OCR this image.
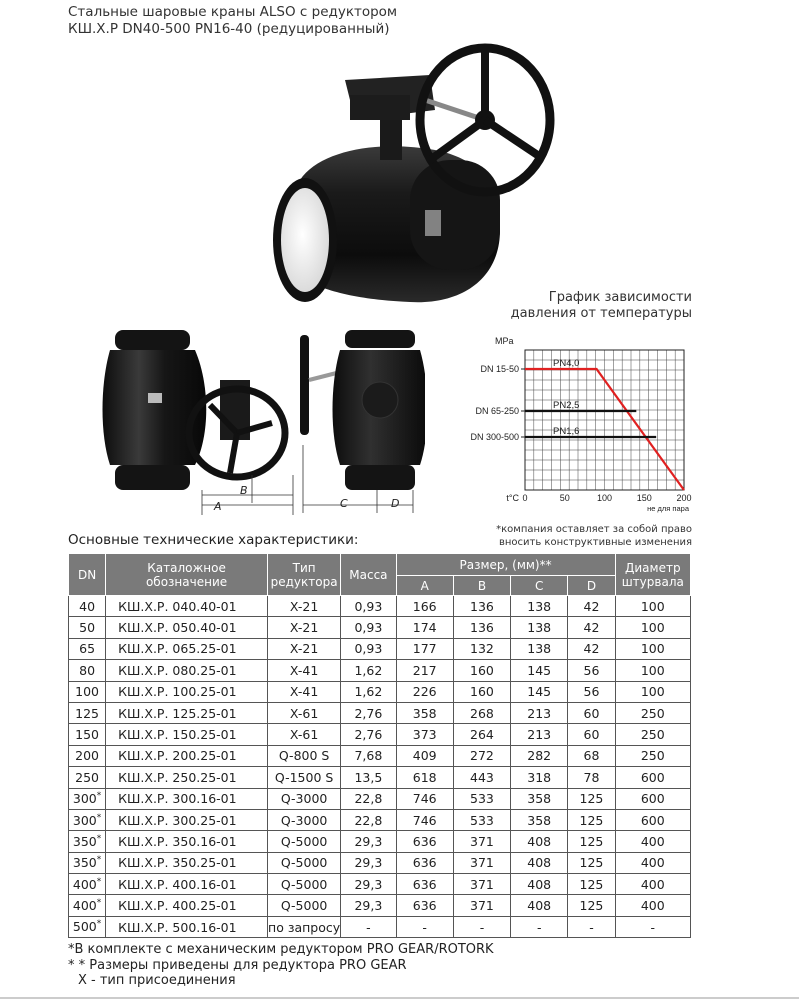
Стальные шаровые краны ALSO с редуктором
КШ.Х.Р DN40-500 PN16-40 (редуцированный)
B
A	C	D
График зависимости
давления от температуры
MPa
DN 15-50	PN4,0
DN 65-250	PN2,5
DN 300-500	PN1,6
t°C 0	50	100	150	200
не для пара
*компания оставляет за собой право
вносить конструктивные изменения
Основные технические характеристики:
DN	Каталожное обозначение	Тип редуктора	Масса	Размер, (мм)**				Диаметр штурвала
				A	B	C	D	
40	КШ.Х.Р. 040.40-01	X-21	0,93	166	136	138	42	100
50	КШ.Х.Р. 050.40-01	X-21	0,93	174	136	138	42	100
65	КШ.Х.Р. 065.25-01	X-21	0,93	177	132	138	42	100
80	КШ.Х.Р. 080.25-01	X-41	1,62	217	160	145	56	100
100	КШ.Х.Р. 100.25-01	X-41	1,62	226	160	145	56	100
125	КШ.Х.Р. 125.25-01	X-61	2,76	358	268	213	60	250
150	КШ.Х.Р. 150.25-01	X-61	2,76	373	264	213	60	250
200	КШ.Х.Р. 200.25-01	Q-800 S	7,68	409	272	282	68	250
250	КШ.Х.Р. 250.25-01	Q-1500 S	13,5	618	443	318	78	600
300*	КШ.Х.Р. 300.16-01	Q-3000	22,8	746	533	358	125	600
300*	КШ.Х.Р. 300.25-01	Q-3000	22,8	746	533	358	125	600
350*	КШ.Х.Р. 350.16-01	Q-5000	29,3	636	371	408	125	400
350*	КШ.Х.Р. 350.25-01	Q-5000	29,3	636	371	408	125	400
400*	КШ.Х.Р. 400.16-01	Q-5000	29,3	636	371	408	125	400
400*	КШ.Х.Р. 400.25-01	Q-5000	29,3	636	371	408	125	400
500*	КШ.Х.Р. 500.16-01	по запросу	-	-	-	-	-	-
*В комплекте с механическим редуктором PRO GEAR/ROTORK
* * Размеры приведены для редуктора PRO GEAR
X - тип присоединения
